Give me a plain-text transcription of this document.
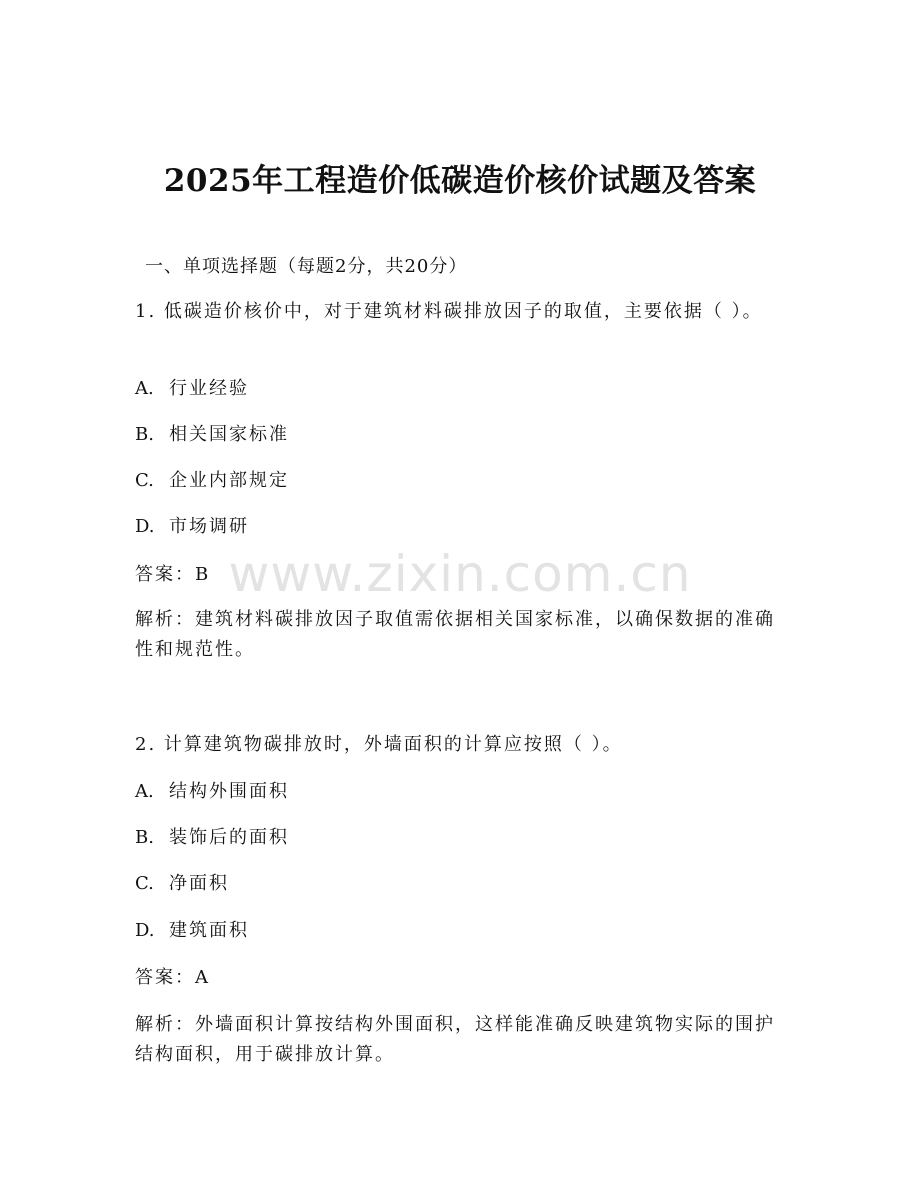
www.zixin.com.cn
2025年工程造价低碳造价核价试题及答案
一、单项选择题（每题2分，共20分）
1. 低碳造价核价中，对于建筑材料碳排放因子的取值，主要依据（ ）。
A. 行业经验
B. 相关国家标准
C. 企业内部规定
D. 市场调研
答案：B
解析：建筑材料碳排放因子取值需依据相关国家标准，以确保数据的准确性和规范性。
2. 计算建筑物碳排放时，外墙面积的计算应按照（ ）。
A. 结构外围面积
B. 装饰后的面积
C. 净面积
D. 建筑面积
答案：A
解析：外墙面积计算按结构外围面积，这样能准确反映建筑物实际的围护结构面积，用于碳排放计算。
